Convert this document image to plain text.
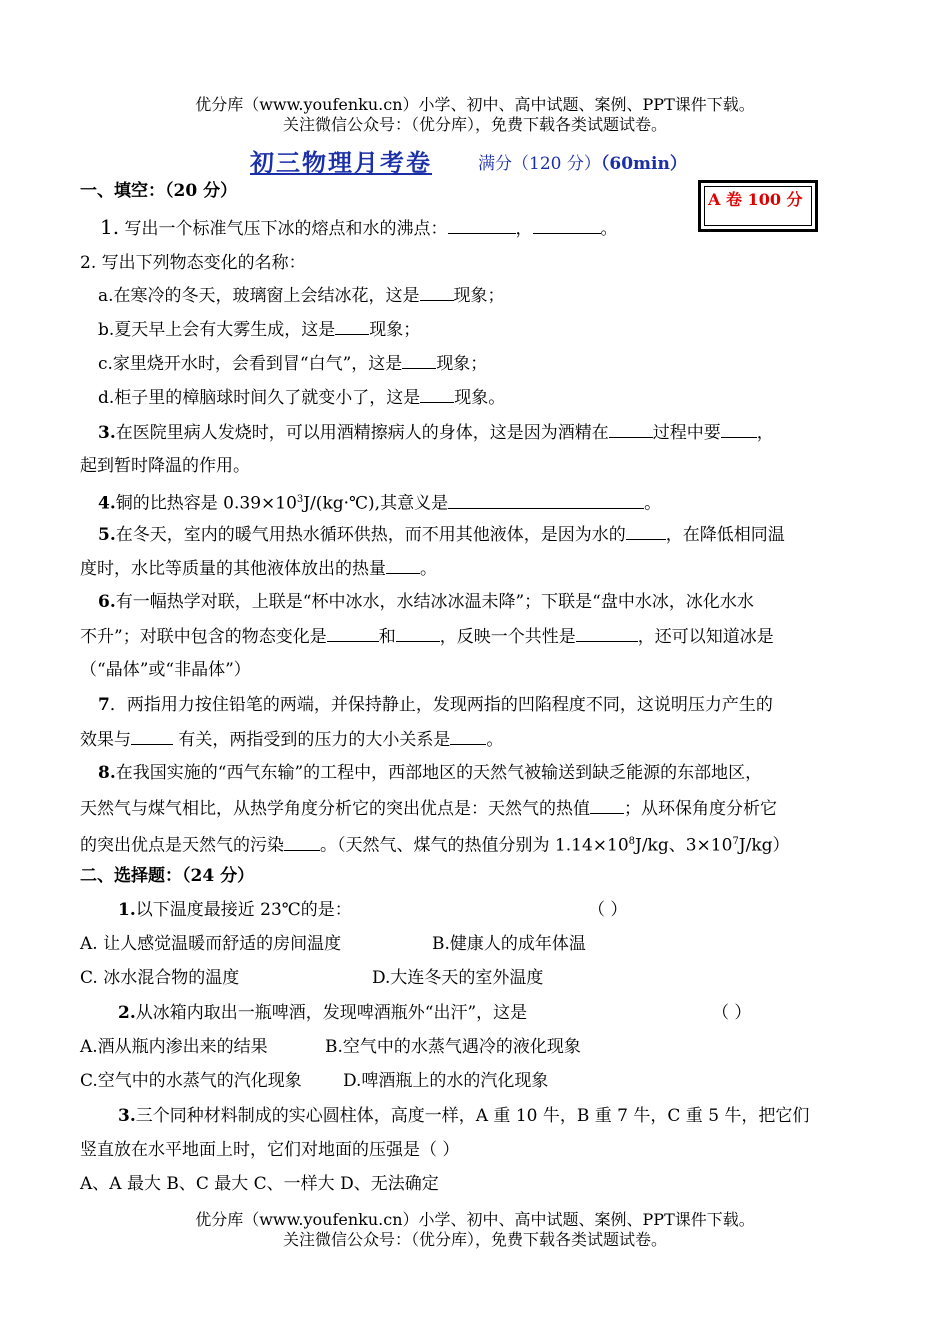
优分库（www.youfenku.cn）小学、初中、高中试题、案例、PPT课件下载。
关注微信公众号：（优分库），免费下载各类试题试卷。
初三物理月考卷	满分（120 分）（60min）
A 卷 100 分
一、填空：（20 分）
1. 写出一个标准气压下冰的熔点和水的沸点：	，	。
2. 写出下列物态变化的名称：
a.在寒冷的冬天，玻璃窗上会结冰花，这是 现象；
b.夏天早上会有大雾生成，这是 现象；
c.家里烧开水时，会看到冒“白气”，这是 现象；
d.柜子里的樟脑球时间久了就变小了，这是 现象。
3.在医院里病人发烧时，可以用酒精擦病人的身体，这是因为酒精在	过程中要 ，
起到暂时降温的作用。
4.铜的比热容是 $0.39\times 10^3J/(kg\cdot℃)$,其意义是	。
5.在冬天，室内的暖气用热水循环供热，而不用其他液体，是因为水的 ，在降低相同温
度时，水比等质量的其他液体放出的热量 。
6.有一幅热学对联，上联是“杯中冰水，水结冰冰温未降”；下联是“盘中水冰，冰化水水
不升”；对联中包含的物态变化是	和	，反映一个共性是	，还可以知道冰是
（“晶体”或“非晶体”）
7．两指用力按住铅笔的两端，并保持静止，发现两指的凹陷程度不同，这说明压力产生的
效果与 有关，两指受到的压力的大小关系是 。
8.在我国实施的“西气东输”的工程中，西部地区的天然气被输送到缺乏能源的东部地区，
天然气与煤气相比，从热学角度分析它的突出优点是：天然气的热值 ；从环保角度分析它
的突出优点是天然气的污染 。（天然气、煤气的热值分别为 $1.14\times 10^8J/kg$、$3\times 10^7J/kg$）
二、选择题：（24 分）
1.以下温度最接近 23℃的是：	（ ）
A. 让人感觉温暖而舒适的房间温度	B.健康人的成年体温
C. 冰水混合物的温度	D.大连冬天的室外温度
2.从冰箱内取出一瓶啤酒，发现啤酒瓶外“出汗”，这是	（ ）
A.酒从瓶内渗出来的结果	B.空气中的水蒸气遇冷的液化现象
C.空气中的水蒸气的汽化现象 D.啤酒瓶上的水的汽化现象
3.三个同种材料制成的实心圆柱体，高度一样，A 重 10 牛，B 重 7 牛，C 重 5 牛，把它们
竖直放在水平地面上时，它们对地面的压强是（ ）
A、A 最大 B、C 最大 C、一样大 D、无法确定
优分库（www.youfenku.cn）小学、初中、高中试题、案例、PPT课件下载。
关注微信公众号：（优分库），免费下载各类试题试卷。
